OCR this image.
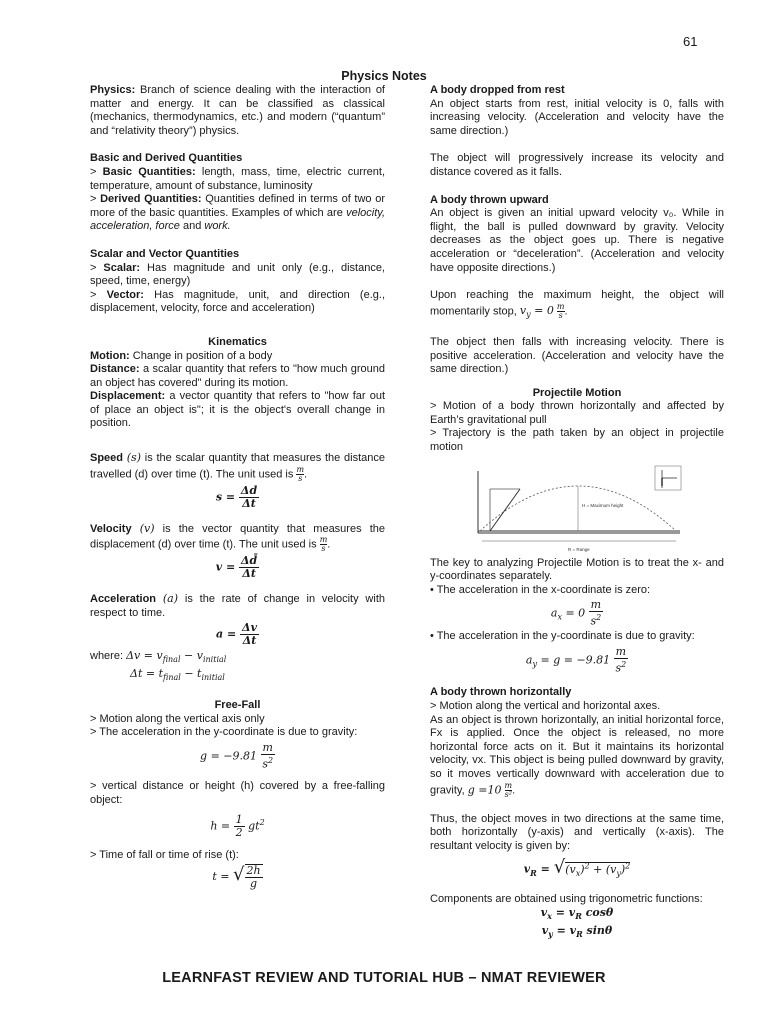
61
Physics Notes

Physics: Branch of science dealing with the interaction of matter and energy. It can be classified as classical (mechanics, thermodynamics, etc.) and modern (“quantum” and “relativity theory”) physics.

Basic and Derived Quantities

> Basic Quantities: length, mass, time, electric current, temperature, amount of substance, luminosity

> Derived Quantities: Quantities defined in terms of two or more of the basic quantities. Examples of which are velocity, acceleration, force and work.

Scalar and Vector Quantities

> Scalar: Has magnitude and unit only (e.g., distance, speed, time, energy)

> Vector: Has magnitude, unit, and direction (e.g., displacement, velocity, force and acceleration)

Kinematics

Motion: Change in position of a body

Distance: a scalar quantity that refers to "how much ground an object has covered" during its motion.

Displacement: a vector quantity that refers to "how far out of place an object is"; it is the object's overall change in position.

Speed (s) is the scalar quantity that measures the distance travelled (d) over time (t). The unit used is $\frac{m}{s}$ .

$s = \frac{\Delta d}{\Delta t}$

Velocity (v) is the vector quantity that measures the displacement (d) over time (t). The unit used is $\frac{m}{s}$ .

$v = \frac{\Delta d̄}{\Delta t}$

Acceleration (a) is the rate of change in velocity with respect to time.

$a = \frac{\Delta v}{\Delta t}$

where: $\Delta v = v_{final} - v_{initial}$

$\Delta t = t_{final} - t_{initial}$

Free-Fall

> Motion along the vertical axis only

> The acceleration in the y-coordinate is due to gravity:

$g = -9.81 \frac{m}{s^2}$

> vertical distance or height (h) covered by a free-falling object:

$h = \frac{1}{2} gt^2$

> Time of fall or time of rise (t):

t = √ $\frac{2h}{g}$

A body dropped from rest

An object starts from rest, initial velocity is 0, falls with increasing velocity. (Acceleration and velocity have the same direction.)

The object will progressively increase its velocity and distance covered as it falls.

A body thrown upward

An object is given an initial upward velocity v₀. While in flight, the ball is pulled downward by gravity. Velocity decreases as the object goes up. There is negative acceleration or “deceleration”. (Acceleration and velocity have opposite directions.)

Upon reaching the maximum height, the object will momentarily stop, $v_y = 0 \frac{m}{s}$ .

The object then falls with increasing velocity. There is positive acceleration. (Acceleration and velocity have the same direction.)

Projectile Motion

> Motion of a body thrown horizontally and affected by Earth’s gravitational pull

> Trajectory is the path taken by an object in projectile motion

H = Maximum height
R = Range

The key to analyzing Projectile Motion is to treat the x- and y-coordinates separately.

• The acceleration in the x-coordinate is zero:

$a_x = 0 \frac{m}{s^2}$

• The acceleration in the y-coordinate is due to gravity:

$a_y = g = -9.81 \frac{m}{s^2}$

A body thrown horizontally

> Motion along the vertical and horizontal axes.

As an object is thrown horizontally, an initial horizontal force, Fx is applied. Once the object is released, no more horizontal force acts on it. But it maintains its horizontal velocity, vx. This object is being pulled downward by gravity, so it moves vertically downward with acceleration due to gravity, $g =10 \frac{m}{\text{s²}}$ .

Thus, the object moves in two directions at the same time, both horizontally (y-axis) and vertically (x-axis). The resultant velocity is given by:

$v_R = √(v_x)^2 + (v_y)^2$

Components are obtained using trigonometric functions:

$v_x = v_R$ cosθ
$v_y = v_R$ sinθ
LEARNFAST REVIEW AND TUTORIAL HUB – NMAT REVIEWER
